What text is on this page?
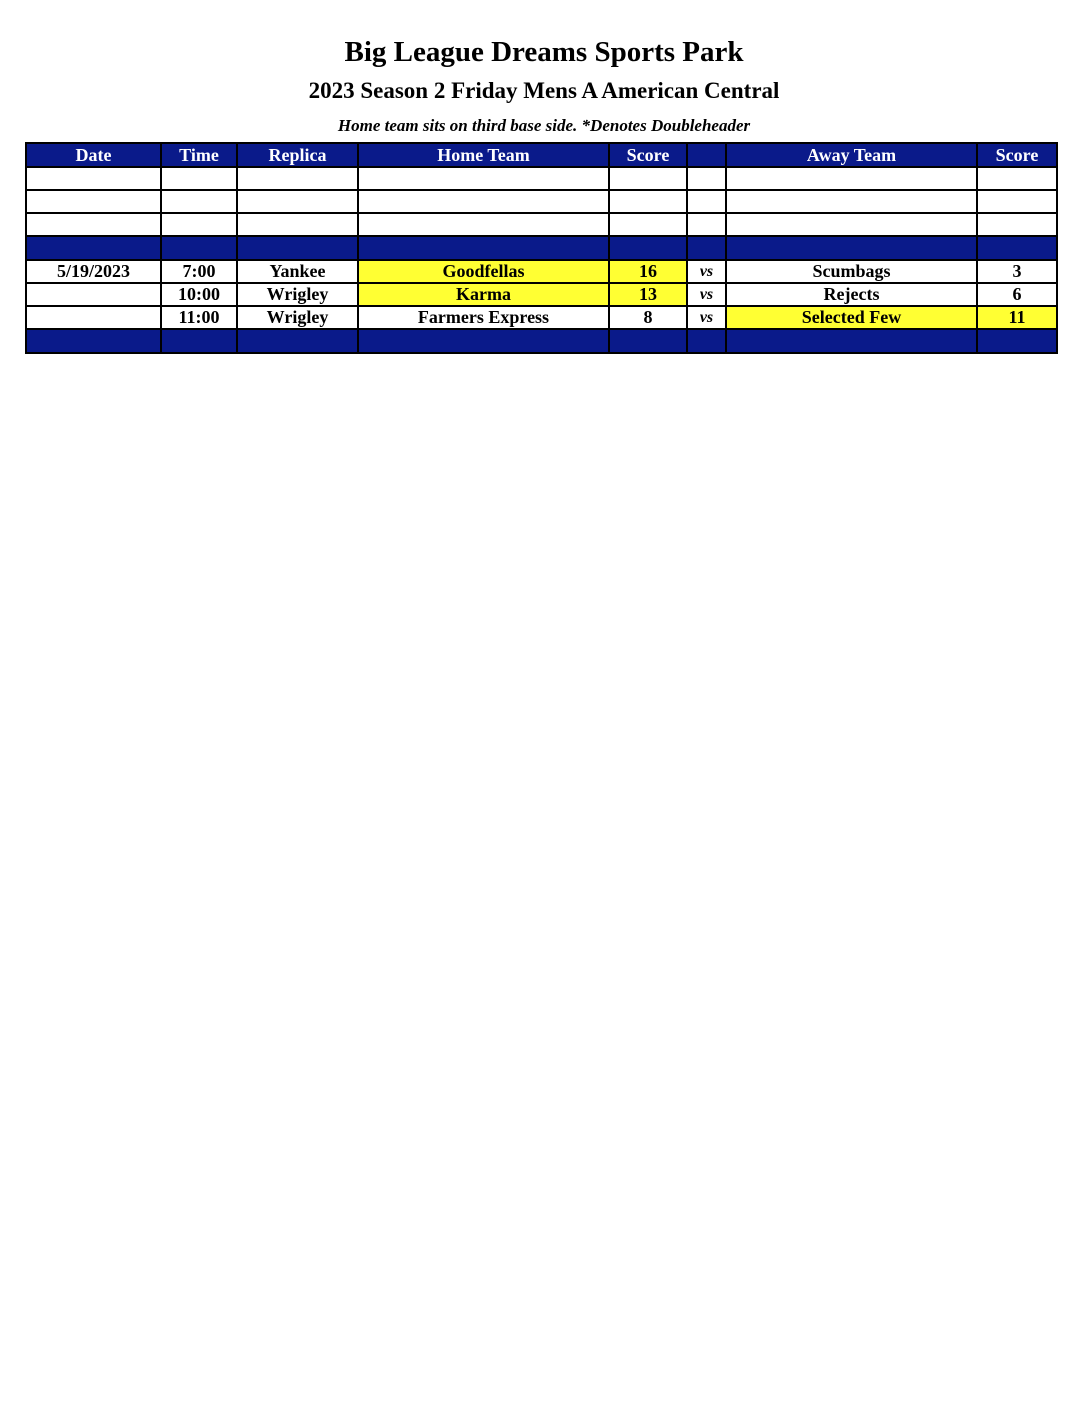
Big League Dreams Sports Park
2023 Season 2 Friday Mens A American Central
Home team sits on third base side. *Denotes Doubleheader
Date	Time	Replica	Home Team	Score		Away Team	Score

5/19/2023	7:00	Yankee	Goodfellas	16	vs	Scumbags	3
	10:00	Wrigley	Karma	13	vs	Rejects	6
	11:00	Wrigley	Farmers Express	8	vs	Selected Few	11
